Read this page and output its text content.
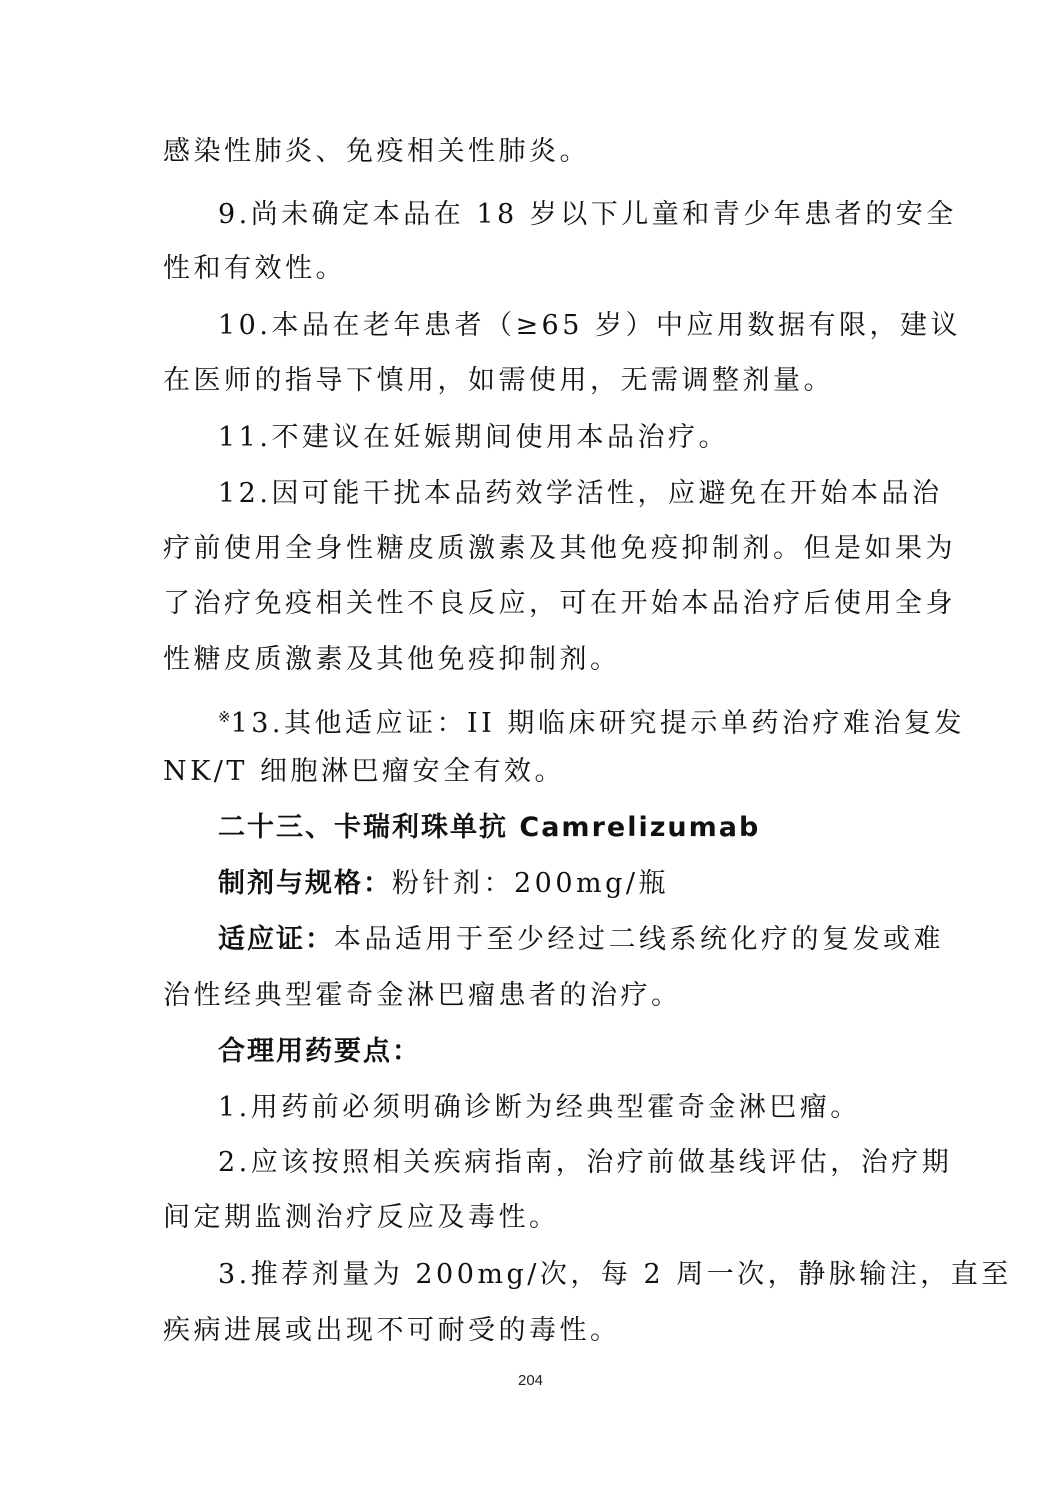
感染性肺炎、免疫相关性肺炎。
9.尚未确定本品在 18 岁以下儿童和青少年患者的安全
性和有效性。
10.本品在老年患者（≥65 岁）中应用数据有限，建议
在医师的指导下慎用，如需使用，无需调整剂量。
11.不建议在妊娠期间使用本品治疗。
12.因可能干扰本品药效学活性，应避免在开始本品治
疗前使用全身性糖皮质激素及其他免疫抑制剂。但是如果为
了治疗免疫相关性不良反应，可在开始本品治疗后使用全身
性糖皮质激素及其他免疫抑制剂。
※13.其他适应证：II 期临床研究提示单药治疗难治复发
NK/T 细胞淋巴瘤安全有效。
二十三、卡瑞利珠单抗 Camrelizumab
制剂与规格：粉针剂：200mg/瓶
适应证：本品适用于至少经过二线系统化疗的复发或难
治性经典型霍奇金淋巴瘤患者的治疗。
合理用药要点：
1.用药前必须明确诊断为经典型霍奇金淋巴瘤。
2.应该按照相关疾病指南，治疗前做基线评估，治疗期
间定期监测治疗反应及毒性。
3.推荐剂量为 200mg/次，每 2 周一次，静脉输注，直至
疾病进展或出现不可耐受的毒性。
204
